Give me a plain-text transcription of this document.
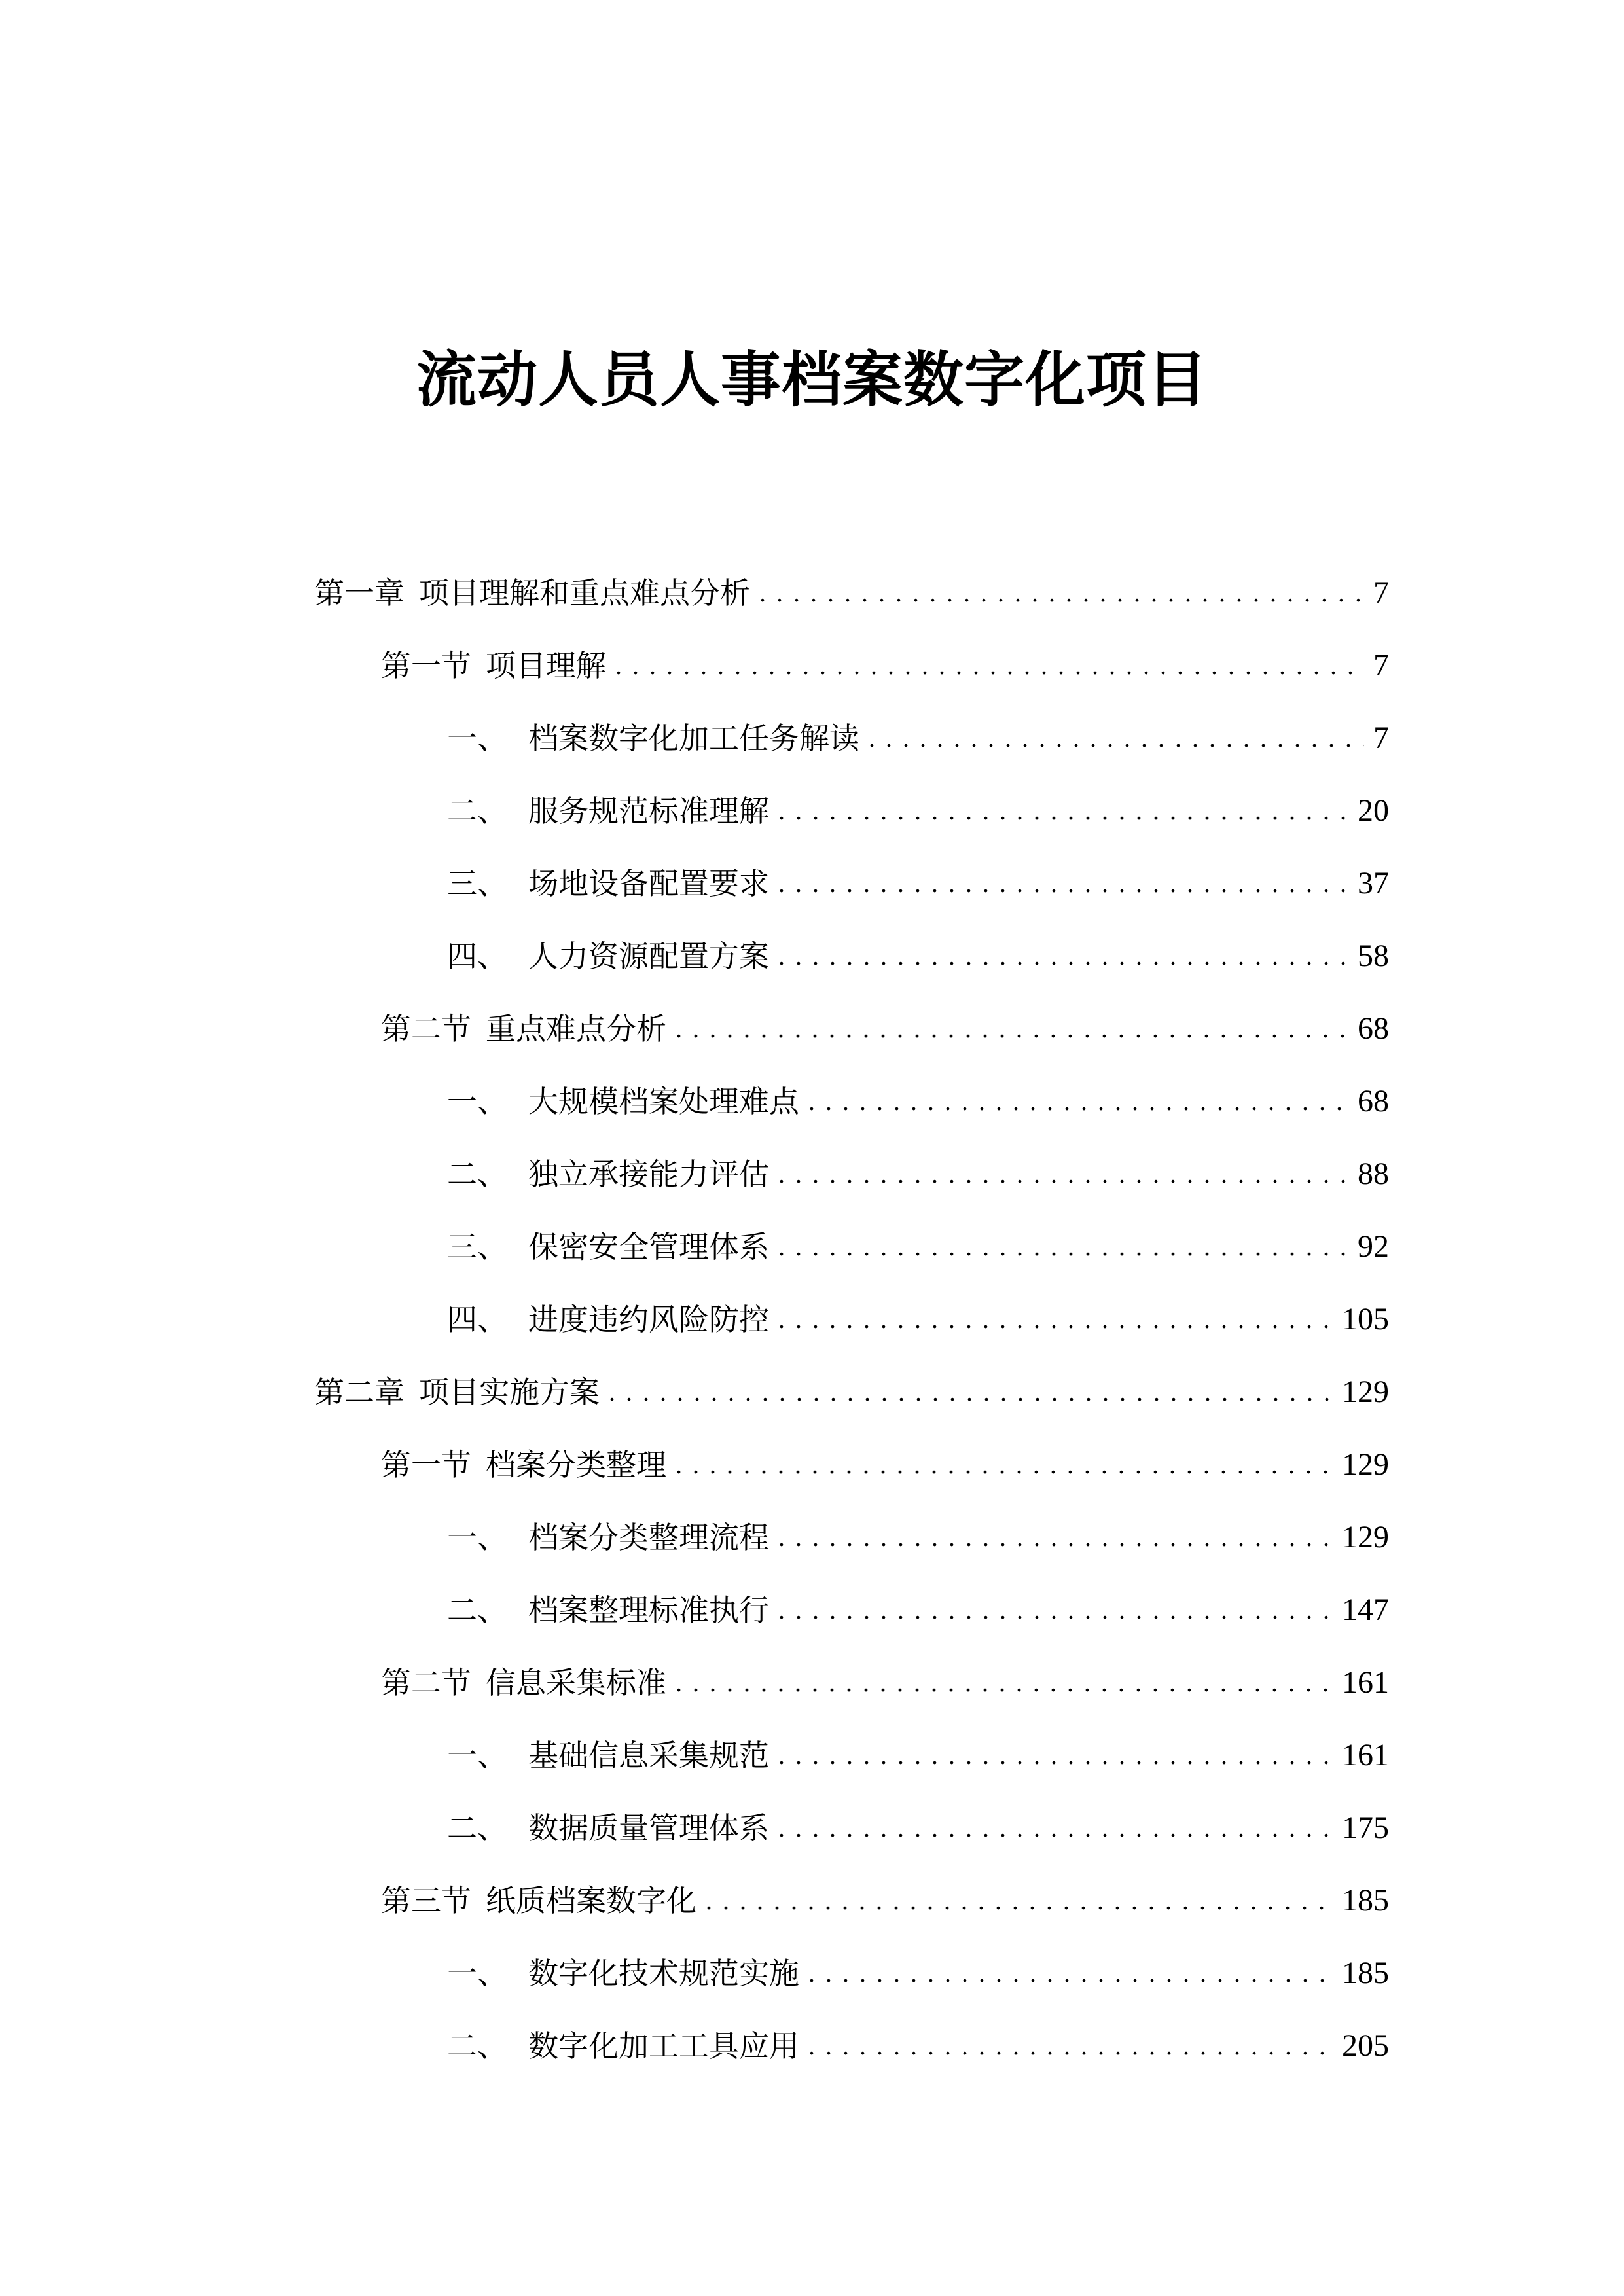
流动人员人事档案数字化项目
第一章 项目理解和重点难点分析 . . .	7
第一节 项目理解 . . .	7
一、 档案数字化加工任务解读 . . .	7
二、 服务规范标准理解 . . .	20
三、 场地设备配置要求 . . .	37
四、 人力资源配置方案 . . .	58
第二节 重点难点分析 . . .	68
一、 大规模档案处理难点 . . .	68
二、 独立承接能力评估 . . .	88
三、 保密安全管理体系 . . .	92
四、 进度违约风险防控 . . .	105
第二章 项目实施方案 . . .	129
第一节 档案分类整理 . . .	129
一、 档案分类整理流程 . . .	129
二、 档案整理标准执行 . . .	147
第二节 信息采集标准 . . .	161
一、 基础信息采集规范 . . .	161
二、 数据质量管理体系 . . .	175
第三节 纸质档案数字化 . . .	185
一、 数字化技术规范实施 . . .	185
二、 数字化加工工具应用 . . .	205
